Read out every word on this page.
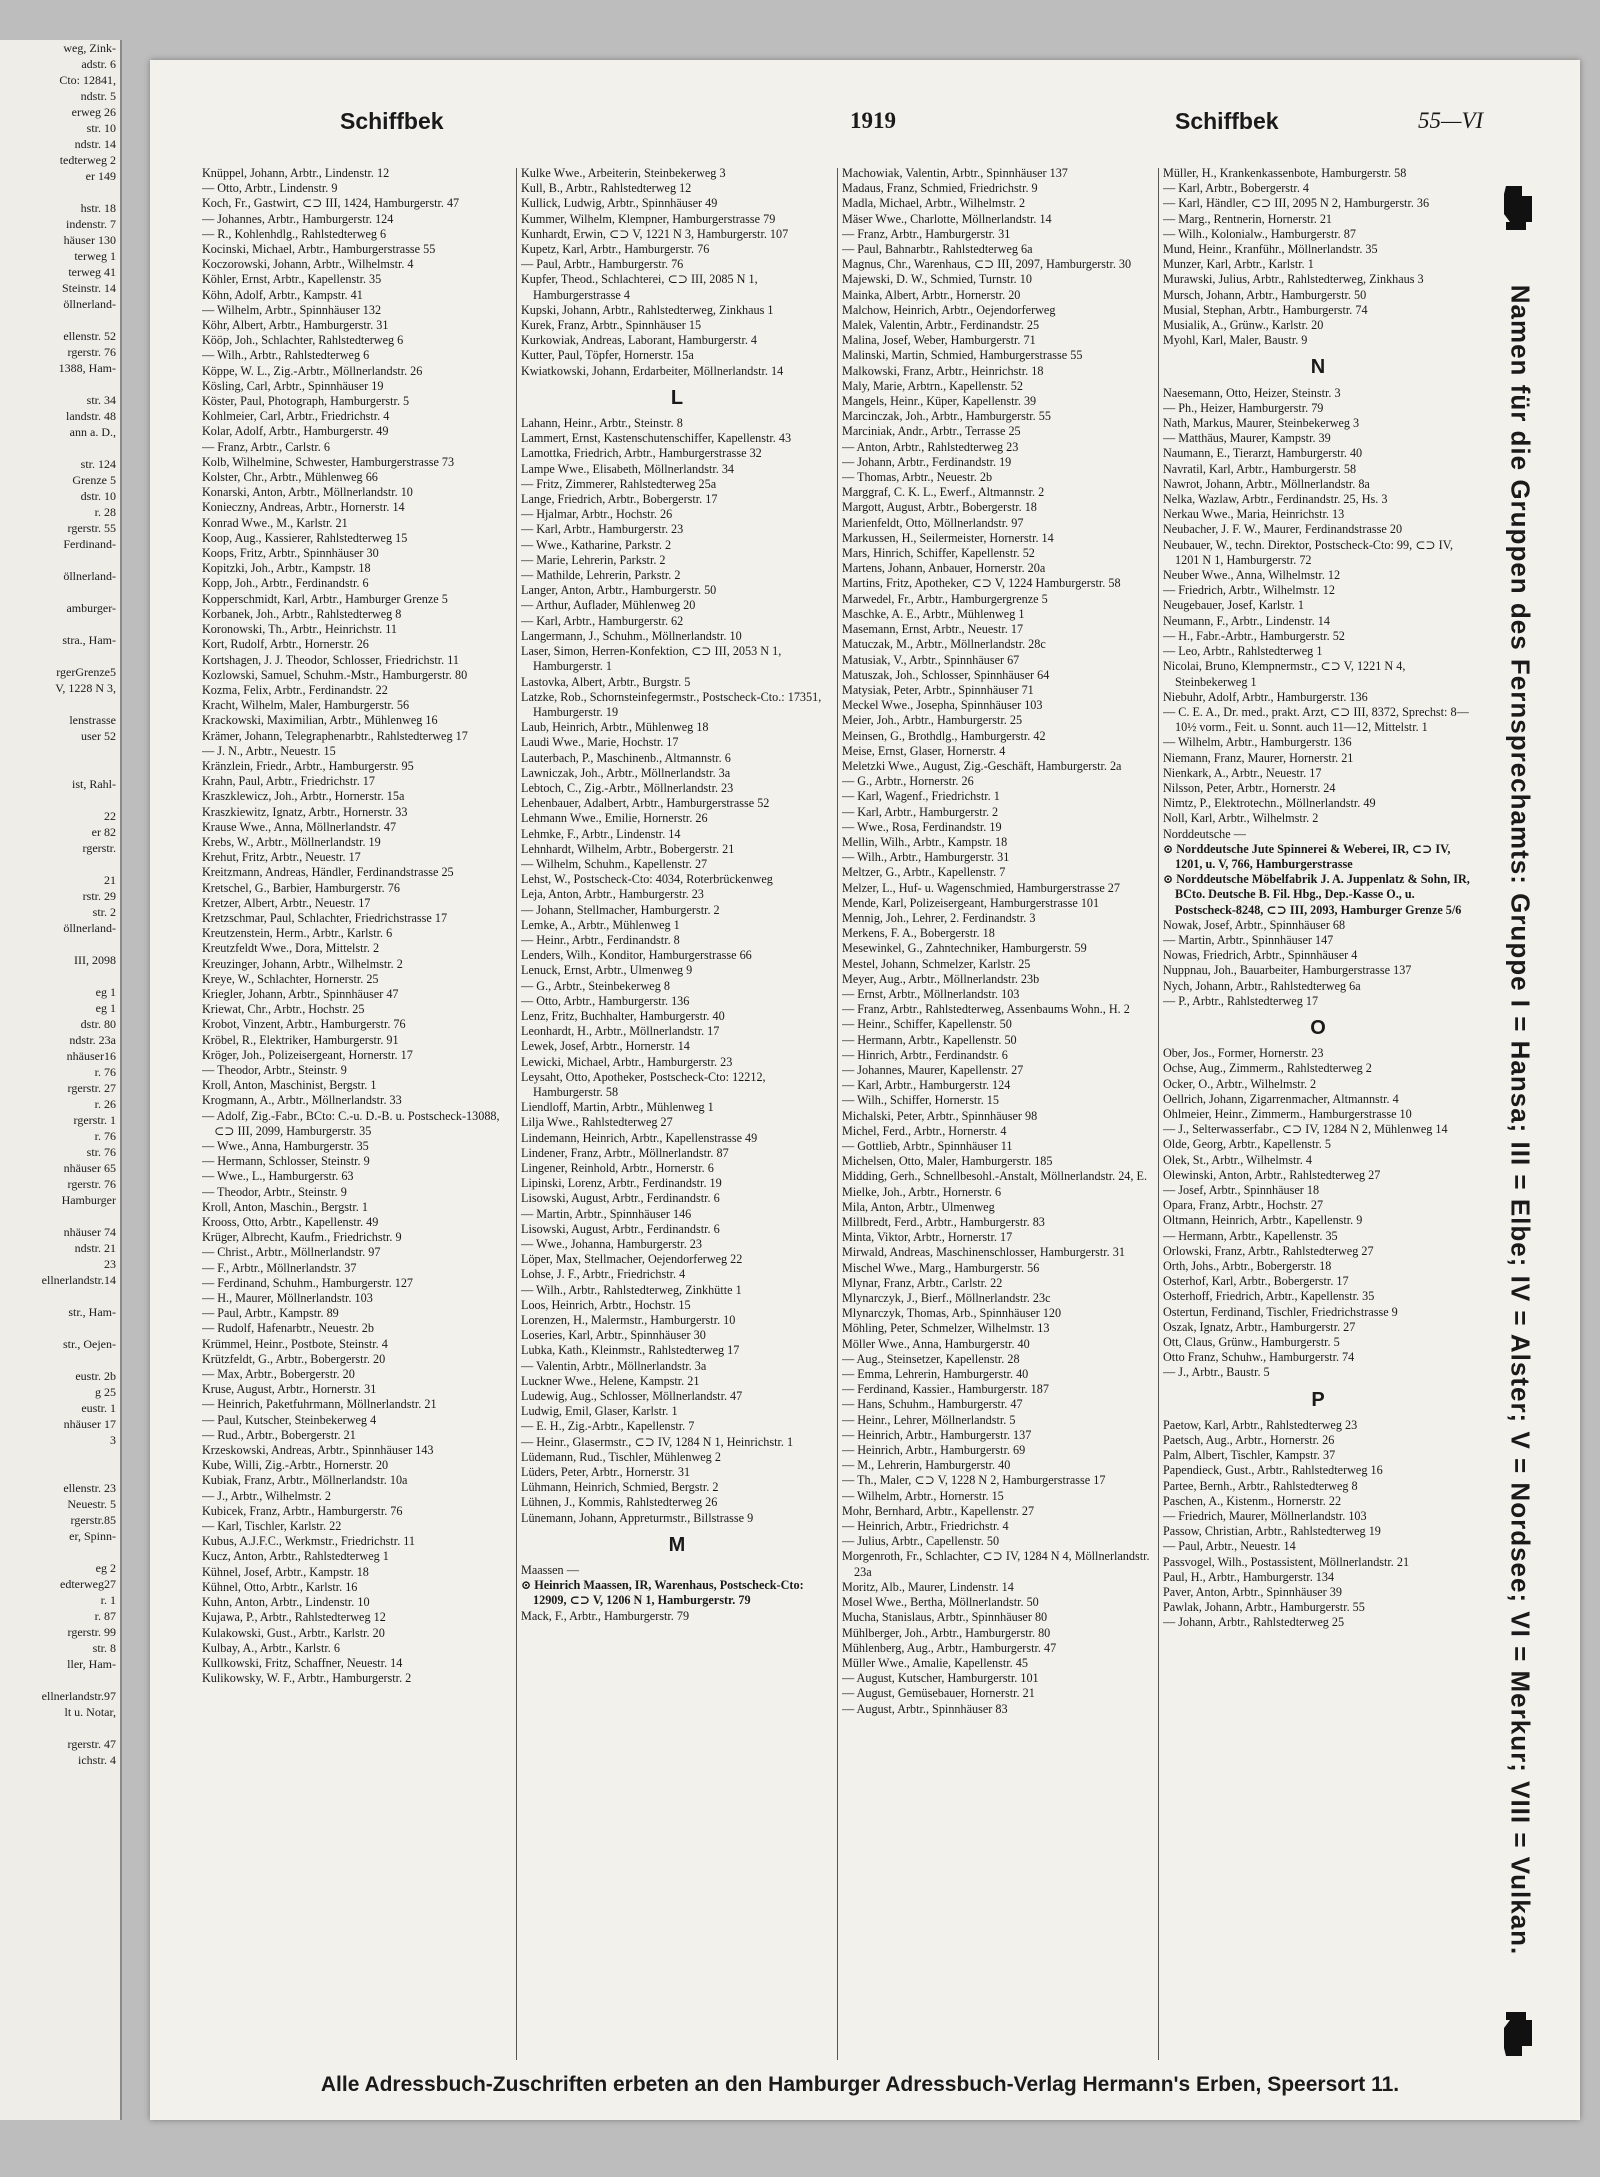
weg, Zink-
adstr. 6
Cto: 12841,
ndstr. 5
erweg 26
str. 10
ndstr. 14
tedterweg 2
er 149

hstr. 18
indenstr. 7
häuser 130
terweg 1
terweg 41
Steinstr. 14
öllnerland-

ellenstr. 52
rgerstr. 76
1388, Ham-

str. 34
landstr. 48
ann a. D.,

str. 124
Grenze 5
dstr. 10
r. 28
rgerstr. 55
Ferdinand-

öllnerland-

amburger-

stra., Ham-

rgerGrenze5
V, 1228 N 3,

lenstrasse
user 52

ist, Rahl-

22
er 82
rgerstr.

21
rstr. 29
str. 2
öllnerland-

III, 2098

eg 1
eg 1
dstr. 80
ndstr. 23a
nhäuser16
r. 76
rgerstr. 27
r. 26
rgerstr. 1
r. 76
str. 76
nhäuser 65
rgerstr. 76
Hamburger

nhäuser 74
ndstr. 21
23
ellnerlandstr.14

str., Ham-

str., Oejen-

eustr. 2b
g 25
eustr. 1
nhäuser 17
3

ellenstr. 23
Neuestr. 5
rgerstr.85
er, Spinn-

eg 2
edterweg27
r. 1
r. 87
rgerstr. 99
str. 8
ller, Ham-

ellnerlandstr.97
lt u. Notar,

rgerstr. 47
ichstr. 4
Schiffbek	1919	Schiffbek	55—VI

Knüppel, Johann, Arbtr., Lindenstr. 12

— Otto, Arbtr., Lindenstr. 9

Koch, Fr., Gastwirt, ⊂⊃ III, 1424, Hamburgerstr. 47

— Johannes, Arbtr., Hamburgerstr. 124

— R., Kohlenhdlg., Rahlstedterweg 6

Kocinski, Michael, Arbtr., Hamburgerstrasse 55

Koczorowski, Johann, Arbtr., Wilhelmstr. 4

Köhler, Ernst, Arbtr., Kapellenstr. 35

Köhn, Adolf, Arbtr., Kampstr. 41

— Wilhelm, Arbtr., Spinnhäuser 132

Köhr, Albert, Arbtr., Hamburgerstr. 31

Kööp, Joh., Schlachter, Rahlstedterweg 6

— Wilh., Arbtr., Rahlstedterweg 6

Köppe, W. L., Zig.-Arbtr., Möllnerlandstr. 26

Kösling, Carl, Arbtr., Spinnhäuser 19

Köster, Paul, Photograph, Hamburgerstr. 5

Kohlmeier, Carl, Arbtr., Friedrichstr. 4

Kolar, Adolf, Arbtr., Hamburgerstr. 49

— Franz, Arbtr., Carlstr. 6

Kolb, Wilhelmine, Schwester, Hamburgerstrasse 73

Kolster, Chr., Arbtr., Mühlenweg 66

Konarski, Anton, Arbtr., Möllnerlandstr. 10

Konieczny, Andreas, Arbtr., Hornerstr. 14

Konrad Wwe., M., Karlstr. 21

Koop, Aug., Kassierer, Rahlstedterweg 15

Koops, Fritz, Arbtr., Spinnhäuser 30

Kopitzki, Joh., Arbtr., Kampstr. 18

Kopp, Joh., Arbtr., Ferdinandstr. 6

Kopperschmidt, Karl, Arbtr., Hamburger Grenze 5

Korbanek, Joh., Arbtr., Rahlstedterweg 8

Koronowski, Th., Arbtr., Heinrichstr. 11

Kort, Rudolf, Arbtr., Hornerstr. 26

Kortshagen, J. J. Theodor, Schlosser, Friedrichstr. 11

Kozlowski, Samuel, Schuhm.-Mstr., Hamburgerstr. 80

Kozma, Felix, Arbtr., Ferdinandstr. 22

Kracht, Wilhelm, Maler, Hamburgerstr. 56

Krackowski, Maximilian, Arbtr., Mühlenweg 16

Krämer, Johann, Telegraphenarbtr., Rahlstedterweg 17

— J. N., Arbtr., Neuestr. 15

Kränzlein, Friedr., Arbtr., Hamburgerstr. 95

Krahn, Paul, Arbtr., Friedrichstr. 17

Kraszklewicz, Joh., Arbtr., Hornerstr. 15a

Kraszkiewitz, Ignatz, Arbtr., Hornerstr. 33

Krause Wwe., Anna, Möllnerlandstr. 47

Krebs, W., Arbtr., Möllnerlandstr. 19

Krehut, Fritz, Arbtr., Neuestr. 17

Kreitzmann, Andreas, Händler, Ferdinandstrasse 25

Kretschel, G., Barbier, Hamburgerstr. 76

Kretzer, Albert, Arbtr., Neuestr. 17

Kretzschmar, Paul, Schlachter, Friedrichstrasse 17

Kreutzenstein, Herm., Arbtr., Karlstr. 6

Kreutzfeldt Wwe., Dora, Mittelstr. 2

Kreuzinger, Johann, Arbtr., Wilhelmstr. 2

Kreye, W., Schlachter, Hornerstr. 25

Kriegler, Johann, Arbtr., Spinnhäuser 47

Kriewat, Chr., Arbtr., Hochstr. 25

Krobot, Vinzent, Arbtr., Hamburgerstr. 76

Kröbel, R., Elektriker, Hamburgerstr. 91

Kröger, Joh., Polizeisergeant, Hornerstr. 17

— Theodor, Arbtr., Steinstr. 9

Kroll, Anton, Maschinist, Bergstr. 1

Krogmann, A., Arbtr., Möllnerlandstr. 33

— Adolf, Zig.-Fabr., BCto: C.-u. D.-B. u. Postscheck-13088, ⊂⊃ III, 2099, Hamburgerstr. 35

— Wwe., Anna, Hamburgerstr. 35

— Hermann, Schlosser, Steinstr. 9

— Wwe., L., Hamburgerstr. 63

— Theodor, Arbtr., Steinstr. 9

Kroll, Anton, Maschin., Bergstr. 1

Krooss, Otto, Arbtr., Kapellenstr. 49

Krüger, Albrecht, Kaufm., Friedrichstr. 9

— Christ., Arbtr., Möllnerlandstr. 97

— F., Arbtr., Möllnerlandstr. 37

— Ferdinand, Schuhm., Hamburgerstr. 127

— H., Maurer, Möllnerlandstr. 103

— Paul, Arbtr., Kampstr. 89

— Rudolf, Hafenarbtr., Neuestr. 2b

Krümmel, Heinr., Postbote, Steinstr. 4

Krützfeldt, G., Arbtr., Bobergerstr. 20

— Max, Arbtr., Bobergerstr. 20

Kruse, August, Arbtr., Hornerstr. 31

— Heinrich, Paketfuhrmann, Möllnerlandstr. 21

— Paul, Kutscher, Steinbekerweg 4

— Rud., Arbtr., Bobergerstr. 21

Krzeskowski, Andreas, Arbtr., Spinnhäuser 143

Kube, Willi, Zig.-Arbtr., Hornerstr. 20

Kubiak, Franz, Arbtr., Möllnerlandstr. 10a

— J., Arbtr., Wilhelmstr. 2

Kubicek, Franz, Arbtr., Hamburgerstr. 76

— Karl, Tischler, Karlstr. 22

Kubus, A.J.F.C., Werkmstr., Friedrichstr. 11

Kucz, Anton, Arbtr., Rahlstedterweg 1

Kühnel, Josef, Arbtr., Kampstr. 18

Kühnel, Otto, Arbtr., Karlstr. 16

Kuhn, Anton, Arbtr., Lindenstr. 10

Kujawa, P., Arbtr., Rahlstedterweg 12

Kulakowski, Gust., Arbtr., Karlstr. 20

Kulbay, A., Arbtr., Karlstr. 6

Kullkowski, Fritz, Schaffner, Neuestr. 14

Kulikowsky, W. F., Arbtr., Hamburgerstr. 2

Kulke Wwe., Arbeiterin, Steinbekerweg 3

Kull, B., Arbtr., Rahlstedterweg 12

Kullick, Ludwig, Arbtr., Spinnhäuser 49

Kummer, Wilhelm, Klempner, Hamburgerstrasse 79

Kunhardt, Erwin, ⊂⊃ V, 1221 N 3, Hamburgerstr. 107

Kupetz, Karl, Arbtr., Hamburgerstr. 76

— Paul, Arbtr., Hamburgerstr. 76

Kupfer, Theod., Schlachterei, ⊂⊃ III, 2085 N 1, Hamburgerstrasse 4

Kupski, Johann, Arbtr., Rahlstedterweg, Zinkhaus 1

Kurek, Franz, Arbtr., Spinnhäuser 15

Kurkowiak, Andreas, Laborant, Hamburgerstr. 4

Kutter, Paul, Töpfer, Hornerstr. 15a

Kwiatkowski, Johann, Erdarbeiter, Möllnerlandstr. 14

L

Lahann, Heinr., Arbtr., Steinstr. 8

Lammert, Ernst, Kastenschutenschiffer, Kapellenstr. 43

Lamottka, Friedrich, Arbtr., Hamburgerstrasse 32

Lampe Wwe., Elisabeth, Möllnerlandstr. 34

— Fritz, Zimmerer, Rahlstedterweg 25a

Lange, Friedrich, Arbtr., Bobergerstr. 17

— Hjalmar, Arbtr., Hochstr. 26

— Karl, Arbtr., Hamburgerstr. 23

— Wwe., Katharine, Parkstr. 2

— Marie, Lehrerin, Parkstr. 2

— Mathilde, Lehrerin, Parkstr. 2

Langer, Anton, Arbtr., Hamburgerstr. 50

— Arthur, Auflader, Mühlenweg 20

— Karl, Arbtr., Hamburgerstr. 62

Langermann, J., Schuhm., Möllnerlandstr. 10

Laser, Simon, Herren-Konfektion, ⊂⊃ III, 2053 N 1, Hamburgerstr. 1

Lastovka, Albert, Arbtr., Burgstr. 5

Latzke, Rob., Schornsteinfegermstr., Postscheck-Cto.: 17351, Hamburgerstr. 19

Laub, Heinrich, Arbtr., Mühlenweg 18

Laudi Wwe., Marie, Hochstr. 17

Lauterbach, P., Maschinenb., Altmannstr. 6

Lawniczak, Joh., Arbtr., Möllnerlandstr. 3a

Lebtoch, C., Zig.-Arbtr., Möllnerlandstr. 23

Lehenbauer, Adalbert, Arbtr., Hamburgerstrasse 52

Lehmann Wwe., Emilie, Hornerstr. 26

Lehmke, F., Arbtr., Lindenstr. 14

Lehnhardt, Wilhelm, Arbtr., Bobergerstr. 21

— Wilhelm, Schuhm., Kapellenstr. 27

Lehst, W., Postscheck-Cto: 4034, Roterbrückenweg

Leja, Anton, Arbtr., Hamburgerstr. 23

— Johann, Stellmacher, Hamburgerstr. 2

Lemke, A., Arbtr., Mühlenweg 1

— Heinr., Arbtr., Ferdinandstr. 8

Lenders, Wilh., Konditor, Hamburgerstrasse 66

Lenuck, Ernst, Arbtr., Ulmenweg 9

— G., Arbtr., Steinbekerweg 8

— Otto, Arbtr., Hamburgerstr. 136

Lenz, Fritz, Buchhalter, Hamburgerstr. 40

Leonhardt, H., Arbtr., Möllnerlandstr. 17

Lewek, Josef, Arbtr., Hornerstr. 14

Lewicki, Michael, Arbtr., Hamburgerstr. 23

Leysaht, Otto, Apotheker, Postscheck-Cto: 12212, Hamburgerstr. 58

Liendloff, Martin, Arbtr., Mühlenweg 1

Lilja Wwe., Rahlstedterweg 27

Lindemann, Heinrich, Arbtr., Kapellenstrasse 49

Lindener, Franz, Arbtr., Möllnerlandstr. 87

Lingener, Reinhold, Arbtr., Hornerstr. 6

Lipinski, Lorenz, Arbtr., Ferdinandstr. 19

Lisowski, August, Arbtr., Ferdinandstr. 6

— Martin, Arbtr., Spinnhäuser 146

Lisowski, August, Arbtr., Ferdinandstr. 6

— Wwe., Johanna, Hamburgerstr. 23

Löper, Max, Stellmacher, Oejendorferweg 22

Lohse, J. F., Arbtr., Friedrichstr. 4

— Wilh., Arbtr., Rahlstedterweg, Zinkhütte 1

Loos, Heinrich, Arbtr., Hochstr. 15

Lorenzen, H., Malermstr., Hamburgerstr. 10

Loseries, Karl, Arbtr., Spinnhäuser 30

Lubka, Kath., Kleinmstr., Rahlstedterweg 17

— Valentin, Arbtr., Möllnerlandstr. 3a

Luckner Wwe., Helene, Kampstr. 21

Ludewig, Aug., Schlosser, Möllnerlandstr. 47

Ludwig, Emil, Glaser, Karlstr. 1

— E. H., Zig.-Arbtr., Kapellenstr. 7

— Heinr., Glasermstr., ⊂⊃ IV, 1284 N 1, Heinrichstr. 1

Lüdemann, Rud., Tischler, Mühlenweg 2

Lüders, Peter, Arbtr., Hornerstr. 31

Lühmann, Heinrich, Schmied, Bergstr. 2

Lühnen, J., Kommis, Rahlstedterweg 26

Lünemann, Johann, Appreturmstr., Billstrasse 9

M

Maassen —

⊙ Heinrich Maassen, IR, Warenhaus, Postscheck-Cto: 12909, ⊂⊃ V, 1206 N 1, Hamburgerstr. 79

Mack, F., Arbtr., Hamburgerstr. 79

Machowiak, Valentin, Arbtr., Spinnhäuser 137

Madaus, Franz, Schmied, Friedrichstr. 9

Madla, Michael, Arbtr., Wilhelmstr. 2

Mäser Wwe., Charlotte, Möllnerlandstr. 14

— Franz, Arbtr., Hamburgerstr. 31

— Paul, Bahnarbtr., Rahlstedterweg 6a

Magnus, Chr., Warenhaus, ⊂⊃ III, 2097, Hamburgerstr. 30

Majewski, D. W., Schmied, Turnstr. 10

Mainka, Albert, Arbtr., Hornerstr. 20

Malchow, Heinrich, Arbtr., Oejendorferweg

Malek, Valentin, Arbtr., Ferdinandstr. 25

Malina, Josef, Weber, Hamburgerstr. 71

Malinski, Martin, Schmied, Hamburgerstrasse 55

Malkowski, Franz, Arbtr., Heinrichstr. 18

Maly, Marie, Arbtrn., Kapellenstr. 52

Mangels, Heinr., Küper, Kapellenstr. 39

Marcinczak, Joh., Arbtr., Hamburgerstr. 55

Marciniak, Andr., Arbtr., Terrasse 25

— Anton, Arbtr., Rahlstedterweg 23

— Johann, Arbtr., Ferdinandstr. 19

— Thomas, Arbtr., Neuestr. 2b

Marggraf, C. K. L., Ewerf., Altmannstr. 2

Margott, August, Arbtr., Bobergerstr. 18

Marienfeldt, Otto, Möllnerlandstr. 97

Markussen, H., Seilermeister, Hornerstr. 14

Mars, Hinrich, Schiffer, Kapellenstr. 52

Martens, Johann, Anbauer, Hornerstr. 20a

Martins, Fritz, Apotheker, ⊂⊃ V, 1224 Hamburgerstr. 58

Marwedel, Fr., Arbtr., Hamburgergrenze 5

Maschke, A. E., Arbtr., Mühlenweg 1

Masemann, Ernst, Arbtr., Neuestr. 17

Matuczak, M., Arbtr., Möllnerlandstr. 28c

Matusiak, V., Arbtr., Spinnhäuser 67

Matuszak, Joh., Schlosser, Spinnhäuser 64

Matysiak, Peter, Arbtr., Spinnhäuser 71

Meckel Wwe., Josepha, Spinnhäuser 103

Meier, Joh., Arbtr., Hamburgerstr. 25

Meinsen, G., Brothdlg., Hamburgerstr. 42

Meise, Ernst, Glaser, Hornerstr. 4

Meletzki Wwe., August, Zig.-Geschäft, Hamburgerstr. 2a

— G., Arbtr., Hornerstr. 26

— Karl, Wagenf., Friedrichstr. 1

— Karl, Arbtr., Hamburgerstr. 2

— Wwe., Rosa, Ferdinandstr. 19

Mellin, Wilh., Arbtr., Kampstr. 18

— Wilh., Arbtr., Hamburgerstr. 31

Meltzer, G., Arbtr., Kapellenstr. 7

Melzer, L., Huf- u. Wagenschmied, Hamburgerstrasse 27

Mende, Karl, Polizeisergeant, Hamburgerstrasse 101

Mennig, Joh., Lehrer, 2. Ferdinandstr. 3

Merkens, F. A., Bobergerstr. 18

Mesewinkel, G., Zahntechniker, Hamburgerstr. 59

Mestel, Johann, Schmelzer, Karlstr. 25

Meyer, Aug., Arbtr., Möllnerlandstr. 23b

— Ernst, Arbtr., Möllnerlandstr. 103

— Franz, Arbtr., Rahlstedterweg, Assenbaums Wohn., H. 2

— Heinr., Schiffer, Kapellenstr. 50

— Hermann, Arbtr., Kapellenstr. 50

— Hinrich, Arbtr., Ferdinandstr. 6

— Johannes, Maurer, Kapellenstr. 27

— Karl, Arbtr., Hamburgerstr. 124

— Wilh., Schiffer, Hornerstr. 15

Michalski, Peter, Arbtr., Spinnhäuser 98

Michel, Ferd., Arbtr., Hornerstr. 4

— Gottlieb, Arbtr., Spinnhäuser 11

Michelsen, Otto, Maler, Hamburgerstr. 185

Midding, Gerh., Schnellbesohl.-Anstalt, Möllnerlandstr. 24, E.

Mielke, Joh., Arbtr., Hornerstr. 6

Mila, Anton, Arbtr., Ulmenweg

Millbredt, Ferd., Arbtr., Hamburgerstr. 83

Minta, Viktor, Arbtr., Hornerstr. 17

Mirwald, Andreas, Maschinenschlosser, Hamburgerstr. 31

Mischel Wwe., Marg., Hamburgerstr. 56

Mlynar, Franz, Arbtr., Carlstr. 22

Mlynarczyk, J., Bierf., Möllnerlandstr. 23c

Mlynarczyk, Thomas, Arb., Spinnhäuser 120

Möhling, Peter, Schmelzer, Wilhelmstr. 13

Möller Wwe., Anna, Hamburgerstr. 40

— Aug., Steinsetzer, Kapellenstr. 28

— Emma, Lehrerin, Hamburgerstr. 40

— Ferdinand, Kassier., Hamburgerstr. 187

— Hans, Schuhm., Hamburgerstr. 47

— Heinr., Lehrer, Möllnerlandstr. 5

— Heinrich, Arbtr., Hamburgerstr. 137

— Heinrich, Arbtr., Hamburgerstr. 69

— M., Lehrerin, Hamburgerstr. 40

— Th., Maler, ⊂⊃ V, 1228 N 2, Hamburgerstrasse 17

— Wilhelm, Arbtr., Hornerstr. 15

Mohr, Bernhard, Arbtr., Kapellenstr. 27

— Heinrich, Arbtr., Friedrichstr. 4

— Julius, Arbtr., Capellenstr. 50

Morgenroth, Fr., Schlachter, ⊂⊃ IV, 1284 N 4, Möllnerlandstr. 23a

Moritz, Alb., Maurer, Lindenstr. 14

Mosel Wwe., Bertha, Möllnerlandstr. 50

Mucha, Stanislaus, Arbtr., Spinnhäuser 80

Mühlberger, Joh., Arbtr., Hamburgerstr. 80

Mühlenberg, Aug., Arbtr., Hamburgerstr. 47

Müller Wwe., Amalie, Kapellenstr. 45

— August, Kutscher, Hamburgerstr. 101

— August, Gemüsebauer, Hornerstr. 21

— August, Arbtr., Spinnhäuser 83

Müller, H., Krankenkassenbote, Hamburgerstr. 58

— Karl, Arbtr., Bobergerstr. 4

— Karl, Händler, ⊂⊃ III, 2095 N 2, Hamburgerstr. 36

— Marg., Rentnerin, Hornerstr. 21

— Wilh., Kolonialw., Hamburgerstr. 87

Mund, Heinr., Kranführ., Möllnerlandstr. 35

Munzer, Karl, Arbtr., Karlstr. 1

Murawski, Julius, Arbtr., Rahlstedterweg, Zinkhaus 3

Mursch, Johann, Arbtr., Hamburgerstr. 50

Musial, Stephan, Arbtr., Hamburgerstr. 74

Musialik, A., Grünw., Karlstr. 20

Myohl, Karl, Maler, Baustr. 9

N

Naesemann, Otto, Heizer, Steinstr. 3

— Ph., Heizer, Hamburgerstr. 79

Nath, Markus, Maurer, Steinbekerweg 3

— Matthäus, Maurer, Kampstr. 39

Naumann, E., Tierarzt, Hamburgerstr. 40

Navratil, Karl, Arbtr., Hamburgerstr. 58

Nawrot, Johann, Arbtr., Möllnerlandstr. 8a

Nelka, Wazlaw, Arbtr., Ferdinandstr. 25, Hs. 3

Nerkau Wwe., Maria, Heinrichstr. 13

Neubacher, J. F. W., Maurer, Ferdinandstrasse 20

Neubauer, W., techn. Direktor, Postscheck-Cto: 99, ⊂⊃ IV, 1201 N 1, Hamburgerstr. 72

Neuber Wwe., Anna, Wilhelmstr. 12

— Friedrich, Arbtr., Wilhelmstr. 12

Neugebauer, Josef, Karlstr. 1

Neumann, F., Arbtr., Lindenstr. 14

— H., Fabr.-Arbtr., Hamburgerstr. 52

— Leo, Arbtr., Rahlstedterweg 1

Nicolai, Bruno, Klempnermstr., ⊂⊃ V, 1221 N 4, Steinbekerweg 1

Niebuhr, Adolf, Arbtr., Hamburgerstr. 136

— C. E. A., Dr. med., prakt. Arzt, ⊂⊃ III, 8372, Sprechst: 8—10½ vorm., Feit. u. Sonnt. auch 11—12, Mittelstr. 1

— Wilhelm, Arbtr., Hamburgerstr. 136

Niemann, Franz, Maurer, Hornerstr. 21

Nienkark, A., Arbtr., Neuestr. 17

Nilsson, Peter, Arbtr., Hornerstr. 24

Nimtz, P., Elektrotechn., Möllnerlandstr. 49

Noll, Karl, Arbtr., Wilhelmstr. 2

Norddeutsche —

⊙ Norddeutsche Jute Spinnerei & Weberei, IR, ⊂⊃ IV, 1201, u. V, 766, Hamburgerstrasse

⊙ Norddeutsche Möbelfabrik J. A. Juppenlatz & Sohn, IR, BCto. Deutsche B. Fil. Hbg., Dep.-Kasse O., u. Postscheck-8248, ⊂⊃ III, 2093, Hamburger Grenze 5/6

Nowak, Josef, Arbtr., Spinnhäuser 68

— Martin, Arbtr., Spinnhäuser 147

Nowas, Friedrich, Arbtr., Spinnhäuser 4

Nuppnau, Joh., Bauarbeiter, Hamburgerstrasse 137

Nych, Johann, Arbtr., Rahlstedterweg 6a

— P., Arbtr., Rahlstedterweg 17

O

Ober, Jos., Former, Hornerstr. 23

Ochse, Aug., Zimmerm., Rahlstedterweg 2

Ocker, O., Arbtr., Wilhelmstr. 2

Oellrich, Johann, Zigarrenmacher, Altmannstr. 4

Ohlmeier, Heinr., Zimmerm., Hamburgerstrasse 10

— J., Selterwasserfabr., ⊂⊃ IV, 1284 N 2, Mühlenweg 14

Olde, Georg, Arbtr., Kapellenstr. 5

Olek, St., Arbtr., Wilhelmstr. 4

Olewinski, Anton, Arbtr., Rahlstedterweg 27

— Josef, Arbtr., Spinnhäuser 18

Opara, Franz, Arbtr., Hochstr. 27

Oltmann, Heinrich, Arbtr., Kapellenstr. 9

— Hermann, Arbtr., Kapellenstr. 35

Orlowski, Franz, Arbtr., Rahlstedterweg 27

Orth, Johs., Arbtr., Bobergerstr. 18

Osterhof, Karl, Arbtr., Bobergerstr. 17

Osterhoff, Friedrich, Arbtr., Kapellenstr. 35

Ostertun, Ferdinand, Tischler, Friedrichstrasse 9

Oszak, Ignatz, Arbtr., Hamburgerstr. 27

Ott, Claus, Grünw., Hamburgerstr. 5

Otto Franz, Schuhw., Hamburgerstr. 74

— J., Arbtr., Baustr. 5

P

Paetow, Karl, Arbtr., Rahlstedterweg 23

Paetsch, Aug., Arbtr., Hornerstr. 26

Palm, Albert, Tischler, Kampstr. 37

Papendieck, Gust., Arbtr., Rahlstedterweg 16

Partee, Bernh., Arbtr., Rahlstedterweg 8

Paschen, A., Kistenm., Hornerstr. 22

— Friedrich, Maurer, Möllnerlandstr. 103

Passow, Christian, Arbtr., Rahlstedterweg 19

— Paul, Arbtr., Neuestr. 14

Passvogel, Wilh., Postassistent, Möllnerlandstr. 21

Paul, H., Arbtr., Hamburgerstr. 134

Paver, Anton, Arbtr., Spinnhäuser 39

Pawlak, Johann, Arbtr., Hamburgerstr. 55

— Johann, Arbtr., Rahlstedterweg 25	Namen für die Gruppen des Fernsprechamts: Gruppe I = Hansa; III = Elbe; IV = Alster; V = Nordsee; VI = Merkur; VIII = Vulkan.
Alle Adressbuch-Zuschriften erbeten an den Hamburger Adressbuch-Verlag Hermann's Erben, Speersort 11.
